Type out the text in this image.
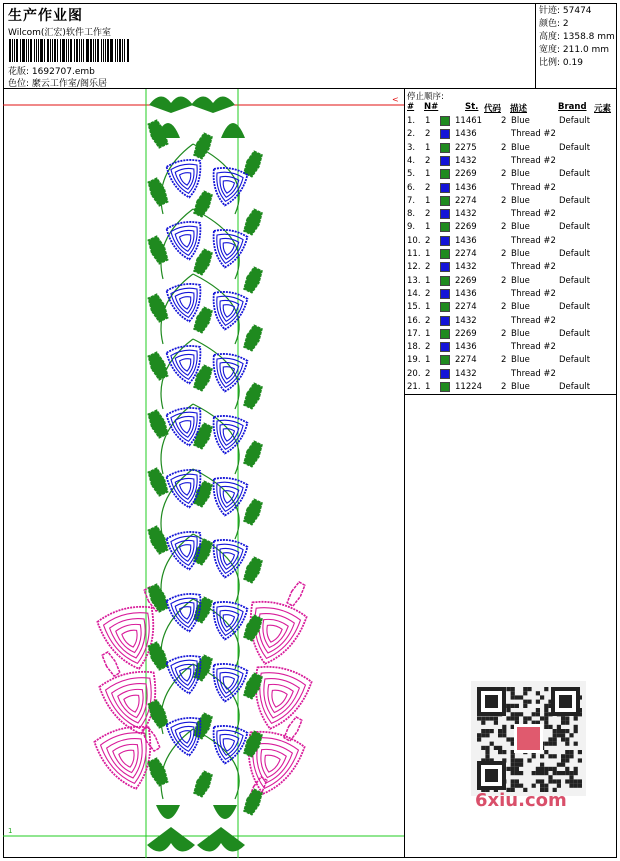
生产作业图
Wilcom(汇宏)软件工作室
花版: 1692707.emb
色位: 縻云工作室/阁乐居
针迹: 57474
颜色: 2
高度: 1358.8 mm
宽度: 211.0 mm
比例: 0.19
<
1
停止顺序:
# N#	St. 代码 描述	Brand 元素
1. 1	11461 2 Blue	Default
2. 2	1436	Thread #2
3. 1	2275	2 Blue	Default
4. 2	1432	Thread #2
5. 1	2269	2 Blue	Default
6. 2	1436	Thread #2
7. 1	2274	2 Blue	Default
8. 2	1432	Thread #2
9. 1	2269	2 Blue	Default
10. 2	1436	Thread #2
11. 1	2274	2 Blue	Default
12. 2	1432	Thread #2
13. 1	2269	2 Blue	Default
14. 2	1436	Thread #2
15. 1	2274	2 Blue	Default
16. 2	1432	Thread #2
17. 1	2269	2 Blue	Default
18. 2	1436	Thread #2
19. 1	2274	2 Blue	Default
20. 2	1432	Thread #2
21. 1	11224 2 Blue	Default
6xiu.com
